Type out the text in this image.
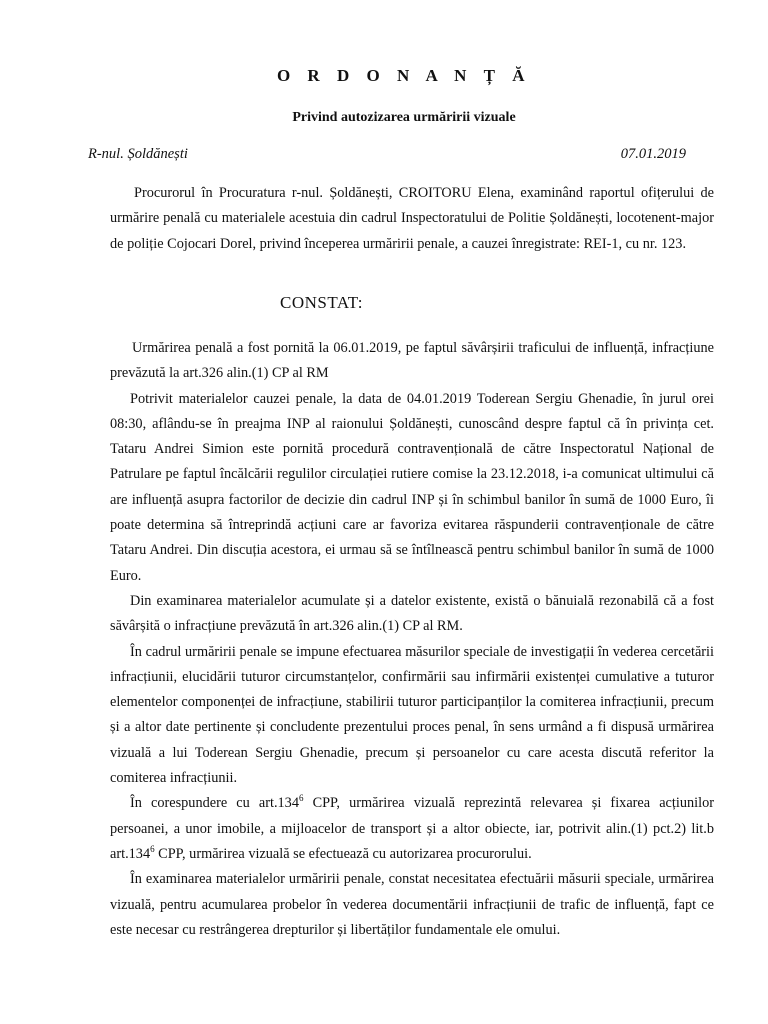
O R D O N A N Ț Ă
Privind autozizarea urmăririi vizuale
R-nul. Șoldănești	07.01.2019
Procurorul în Procuratura r-nul. Șoldănești, CROITORU Elena, examinând raportul ofițerului de urmărire penală cu materialele acestuia din cadrul Inspectoratului de Politie Șoldănești, locotenent-major de poliție Cojocari Dorel, privind începerea urmăririi penale, a cauzei înregistrate: REI-1, cu nr. 123.
CONSTAT:

Urmărirea penală a fost pornită la 06.01.2019, pe faptul săvârșirii traficului de influență, infracțiune prevăzută la art.326 alin.(1) CP al RM

Potrivit materialelor cauzei penale, la data de 04.01.2019 Toderean Sergiu Ghenadie, în jurul orei 08:30, aflându-se în preajma INP al raionului Șoldănești, cunoscând despre faptul că în privința cet. Tataru Andrei Simion este pornită procedură contravențională de către Inspectoratul Național de Patrulare pe faptul încălcării regulilor circulației rutiere comise la 23.12.2018, i-a comunicat ultimului că are influență asupra factorilor de decizie din cadrul INP și în schimbul banilor în sumă de 1000 Euro, îi poate determina să întreprindă acțiuni care ar favoriza evitarea răspunderii contravenționale de către Tataru Andrei. Din discuția acestora, ei urmau să se întîlnească pentru schimbul banilor în sumă de 1000 Euro.

Din examinarea materialelor acumulate și a datelor existente, există o bănuială rezonabilă că a fost săvârșită o infracțiune prevăzută în art.326 alin.(1) CP al RM.

În cadrul urmăririi penale se impune efectuarea măsurilor speciale de investigații în vederea cercetării infracțiunii, elucidării tuturor circumstanțelor, confirmării sau infirmării existenței cumulative a tuturor elementelor componenței de infracțiune, stabilirii tuturor participanților la comiterea infracțiunii, precum și a altor date pertinente și concludente prezentului proces penal, în sens urmând a fi dispusă urmărirea vizuală a lui Toderean Sergiu Ghenadie, precum și persoanelor cu care acesta discută referitor la comiterea infracțiunii.

În corespundere cu art.134$^6$ CPP, urmărirea vizuală reprezintă relevarea și fixarea acțiunilor persoanei, a unor imobile, a mijloacelor de transport și a altor obiecte, iar, potrivit alin.(1) pct.2) lit.b art.134$^6$ CPP, urmărirea vizuală se efectuează cu autorizarea procurorului.

În examinarea materialelor urmăririi penale, constat necesitatea efectuării măsurii speciale, urmărirea vizuală, pentru acumularea probelor în vederea documentării infracțiunii de trafic de influență, fapt ce este necesar cu restrângerea drepturilor și libertăților fundamentale ele omului.
